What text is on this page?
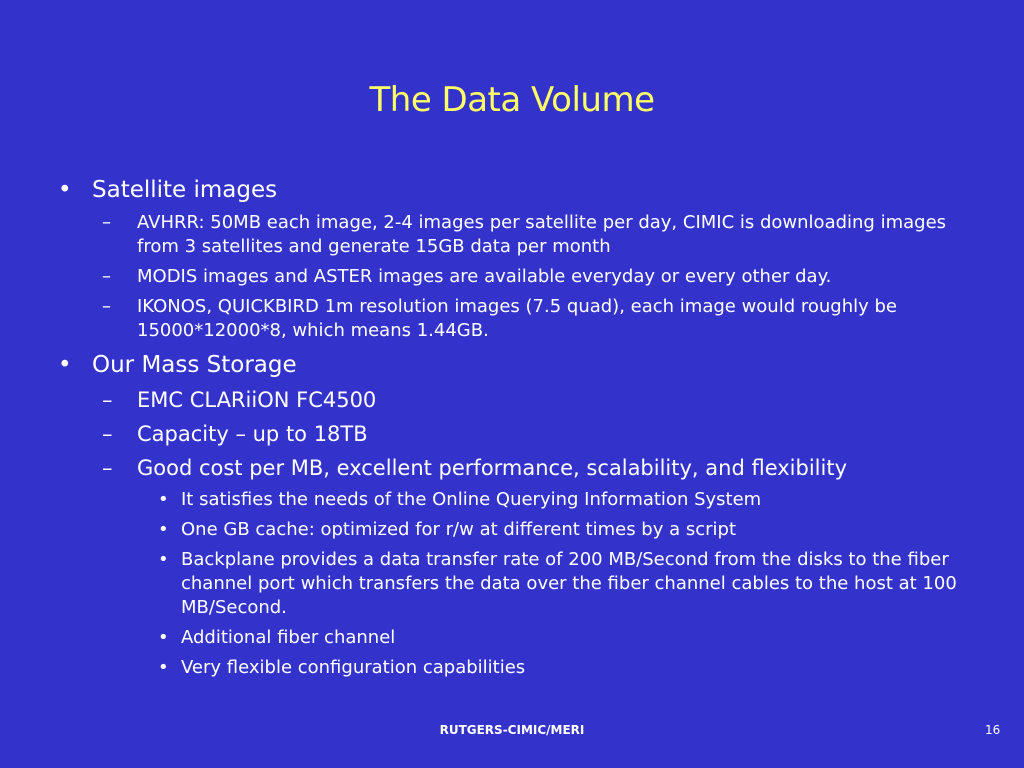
The Data Volume
• Satellite images
– AVHRR: 50MB each image, 2-4 images per satellite per day, CIMIC is downloading images from 3 satellites and generate 15GB data per month
– MODIS images and ASTER images are available everyday or every other day.
– IKONOS, QUICKBIRD 1m resolution images (7.5 quad), each image would roughly be 15000*12000*8, which means 1.44GB.
• Our Mass Storage
– EMC CLARiiON FC4500
– Capacity – up to 18TB
– Good cost per MB, excellent performance, scalability, and flexibility
• It satisfies the needs of the Online Querying Information System
• One GB cache: optimized for r/w at different times by a script
• Backplane provides a data transfer rate of 200 MB/Second from the disks to the fiber channel port which transfers the data over the fiber channel cables to the host at 100 MB/Second.
• Additional fiber channel
• Very flexible configuration capabilities
RUTGERS-CIMIC/MERI	16
